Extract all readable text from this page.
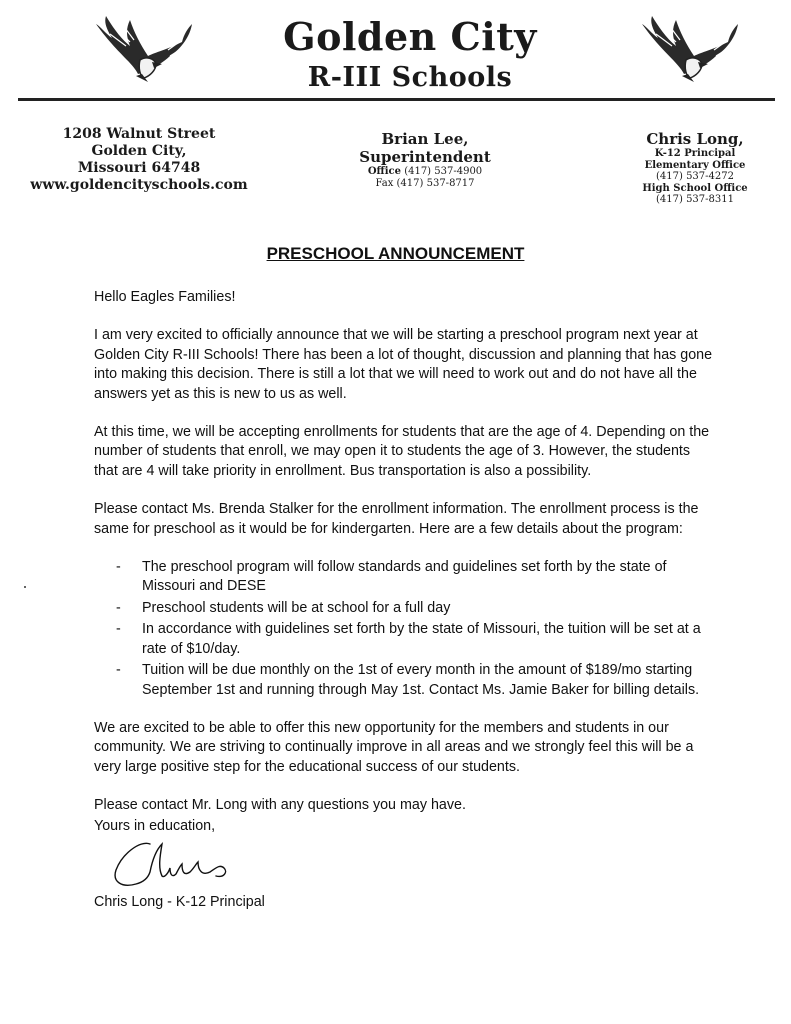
Golden City
R-III Schools
1208 Walnut Street
Golden City,
Missouri 64748
www.goldencityschools.com
Brian Lee,
Superintendent
Office (417) 537-4900
Fax (417) 537-8717
Chris Long,
K-12 Principal
Elementary Office
(417) 537-4272
High School Office
(417) 537-8311
PRESCHOOL ANNOUNCEMENT

Hello Eagles Families!

I am very excited to officially announce that we will be starting a preschool program next year at Golden City R-III Schools! There has been a lot of thought, discussion and planning that has gone into making this decision. There is still a lot that we will need to work out and do not have all the answers yet as this is new to us as well.

At this time, we will be accepting enrollments for students that are the age of 4. Depending on the number of students that enroll, we may open it to students the age of 3. However, the students that are 4 will take priority in enrollment. Bus transportation is also a possibility.

Please contact Ms. Brenda Stalker for the enrollment information. The enrollment process is the same for preschool as it would be for kindergarten. Here are a few details about the program:

- The preschool program will follow standards and guidelines set forth by the state of Missouri and DESE
- Preschool students will be at school for a full day
- In accordance with guidelines set forth by the state of Missouri, the tuition will be set at a rate of $10/day.
- Tuition will be due monthly on the 1st of every month in the amount of $189/mo starting September 1st and running through May 1st. Contact Ms. Jamie Baker for billing details.

We are excited to be able to offer this new opportunity for the members and students in our community. We are striving to continually improve in all areas and we strongly feel this will be a very large positive step for the educational success of our students.

Please contact Mr. Long with any questions you may have.

Yours in education,
Chris Long - K-12 Principal
